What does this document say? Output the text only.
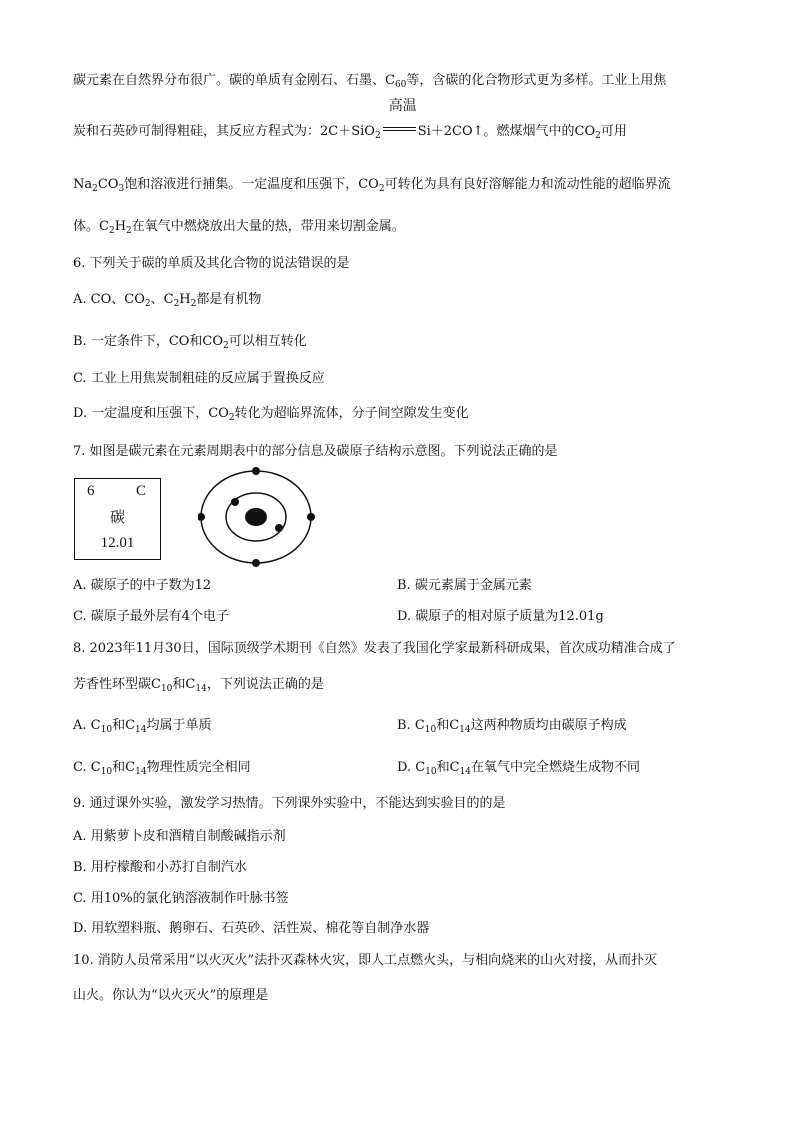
碳元素在自然界分布很广。碳的单质有金刚石、石墨、$C_{60}$等，含碳的化合物形式更为多样。工业上用焦
炭和石英砂可制得粗硅，其反应方程式为：2C＋SiO$_2$
高温
Si＋2CO↑。燃煤烟气中的$CO_2$可用
$Na_2CO_3$饱和溶液进行捕集。一定温度和压强下，$CO_2$可转化为具有良好溶解能力和流动性能的超临界流
体。$C_2H_2$在氧气中燃烧放出大量的热，带用来切割金属。
6. 下列关于碳的单质及其化合物的说法错误的是
A. CO、$CO_2$、$C_2H_2$都是有机物
B. 一定条件下，CO和$CO_2$可以相互转化
C. 工业上用焦炭制粗硅的反应属于置换反应
D. 一定温度和压强下，$CO_2$转化为超临界流体，分子间空隙发生变化
7. 如图是碳元素在元素周期表中的部分信息及碳原子结构示意图。下列说法正确的是
6	C
碳
12.01
A. 碳原子的中子数为12	B. 碳元素属于金属元素
C. 碳原子最外层有4个电子	D. 碳原子的相对原子质量为12.01g
8. 2023年11月30日，国际顶级学术期刊《自然》发表了我国化学家最新科研成果，首次成功精准合成了
芳香性环型碳$C_{10}$和$C_{14}$，下列说法正确的是
A. $C_{10}$和$C_{14}$均属于单质	B. $C_{10}$和$C_{14}$这两种物质均由碳原子构成
C. $C_{10}$和$C_{14}$物理性质完全相同	D. $C_{10}$和$C_{14}$在氧气中完全燃烧生成物不同
9. 通过课外实验，激发学习热情。下列课外实验中，不能达到实验目的的是
A. 用紫萝卜皮和酒精自制酸碱指示剂
B. 用柠檬酸和小苏打自制汽水
C. 用10%的氯化钠溶液制作叶脉书签
D. 用软塑料瓶、鹅卵石、石英砂、活性炭、棉花等自制净水器
10. 消防人员常采用“以火灭火”法扑灭森林火灾，即人工点燃火头，与相向烧来的山火对接，从而扑灭
山火。你认为“以火灭火”的原理是
